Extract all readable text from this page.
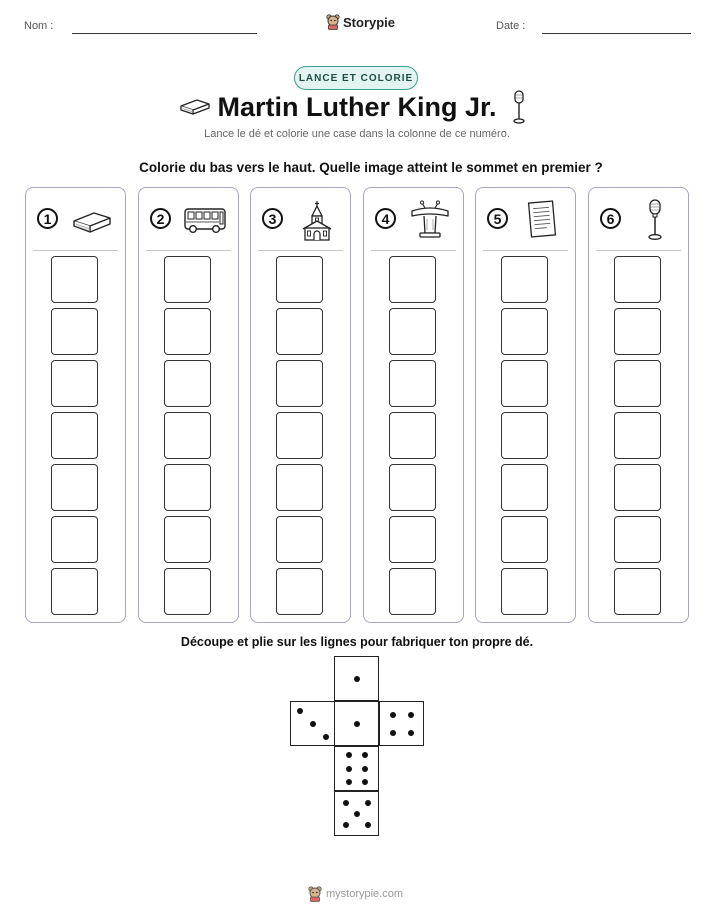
Nom :	Storypie	Date :
LANCE ET COLORIE
Martin Luther King Jr.
Lance le dé et colorie une case dans la colonne de ce numéro.
Colorie du bas vers le haut. Quelle image atteint le sommet en premier ?
1	2	3	4	5	6
Découpe et plie sur les lignes pour fabriquer ton propre dé.
mystorypie.com
